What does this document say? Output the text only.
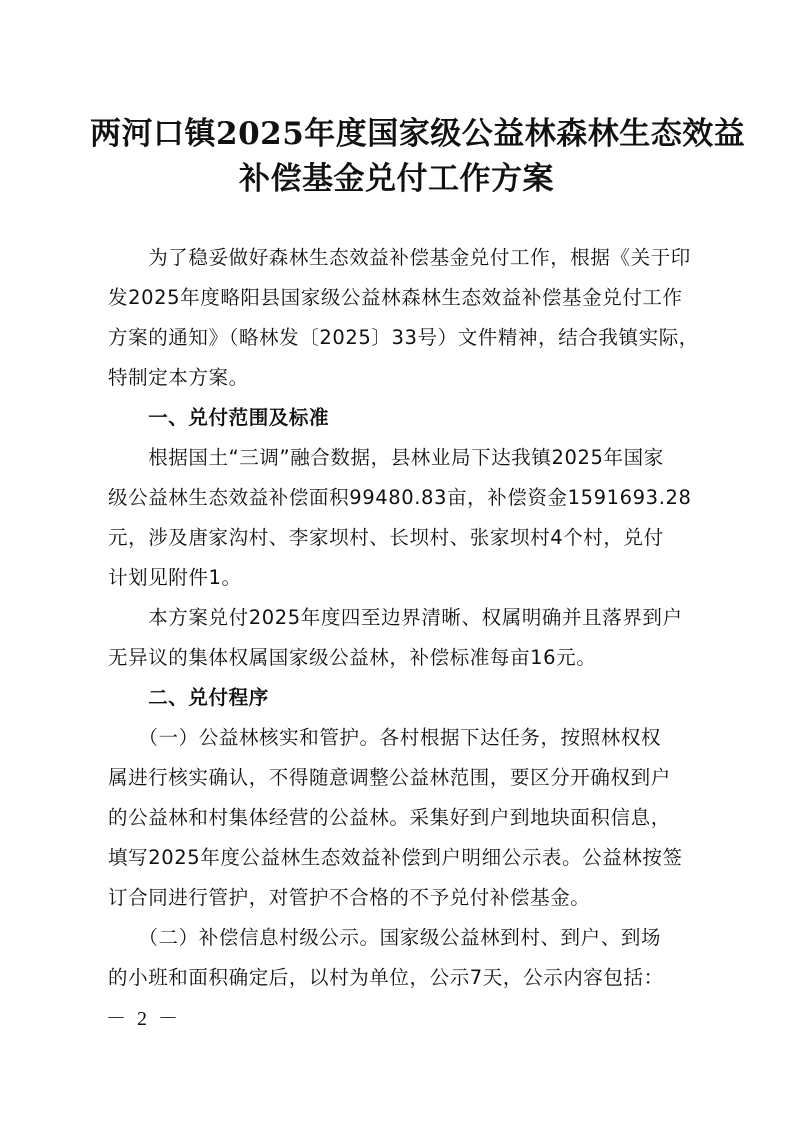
两河口镇2025年度国家级公益林森林生态效益
补偿基金兑付工作方案

　　为了稳妥做好森林生态效益补偿基金兑付工作，根据《关于印

发2025年度略阳县国家级公益林森林生态效益补偿基金兑付工作

方案的通知》（略林发〔2025〕33号）文件精神，结合我镇实际，

特制定本方案。

　　一、兑付范围及标准

　　根据国土“三调”融合数据，县林业局下达我镇2025年国家

级公益林生态效益补偿面积99480.83亩，补偿资金1591693.28

元，涉及唐家沟村、李家坝村、长坝村、张家坝村4个村，兑付

计划见附件1。

　　本方案兑付2025年度四至边界清晰、权属明确并且落界到户

无异议的集体权属国家级公益林，补偿标准每亩16元。

　　二、兑付程序

　　（一）公益林核实和管护。各村根据下达任务，按照林权权

属进行核实确认，不得随意调整公益林范围，要区分开确权到户

的公益林和村集体经营的公益林。采集好到户到地块面积信息，

填写2025年度公益林生态效益补偿到户明细公示表。公益林按签

订合同进行管护，对管护不合格的不予兑付补偿基金。

　　（二）补偿信息村级公示。国家级公益林到村、到户、到场

的小班和面积确定后，以村为单位，公示7天，公示内容包括：

－ 2 －
